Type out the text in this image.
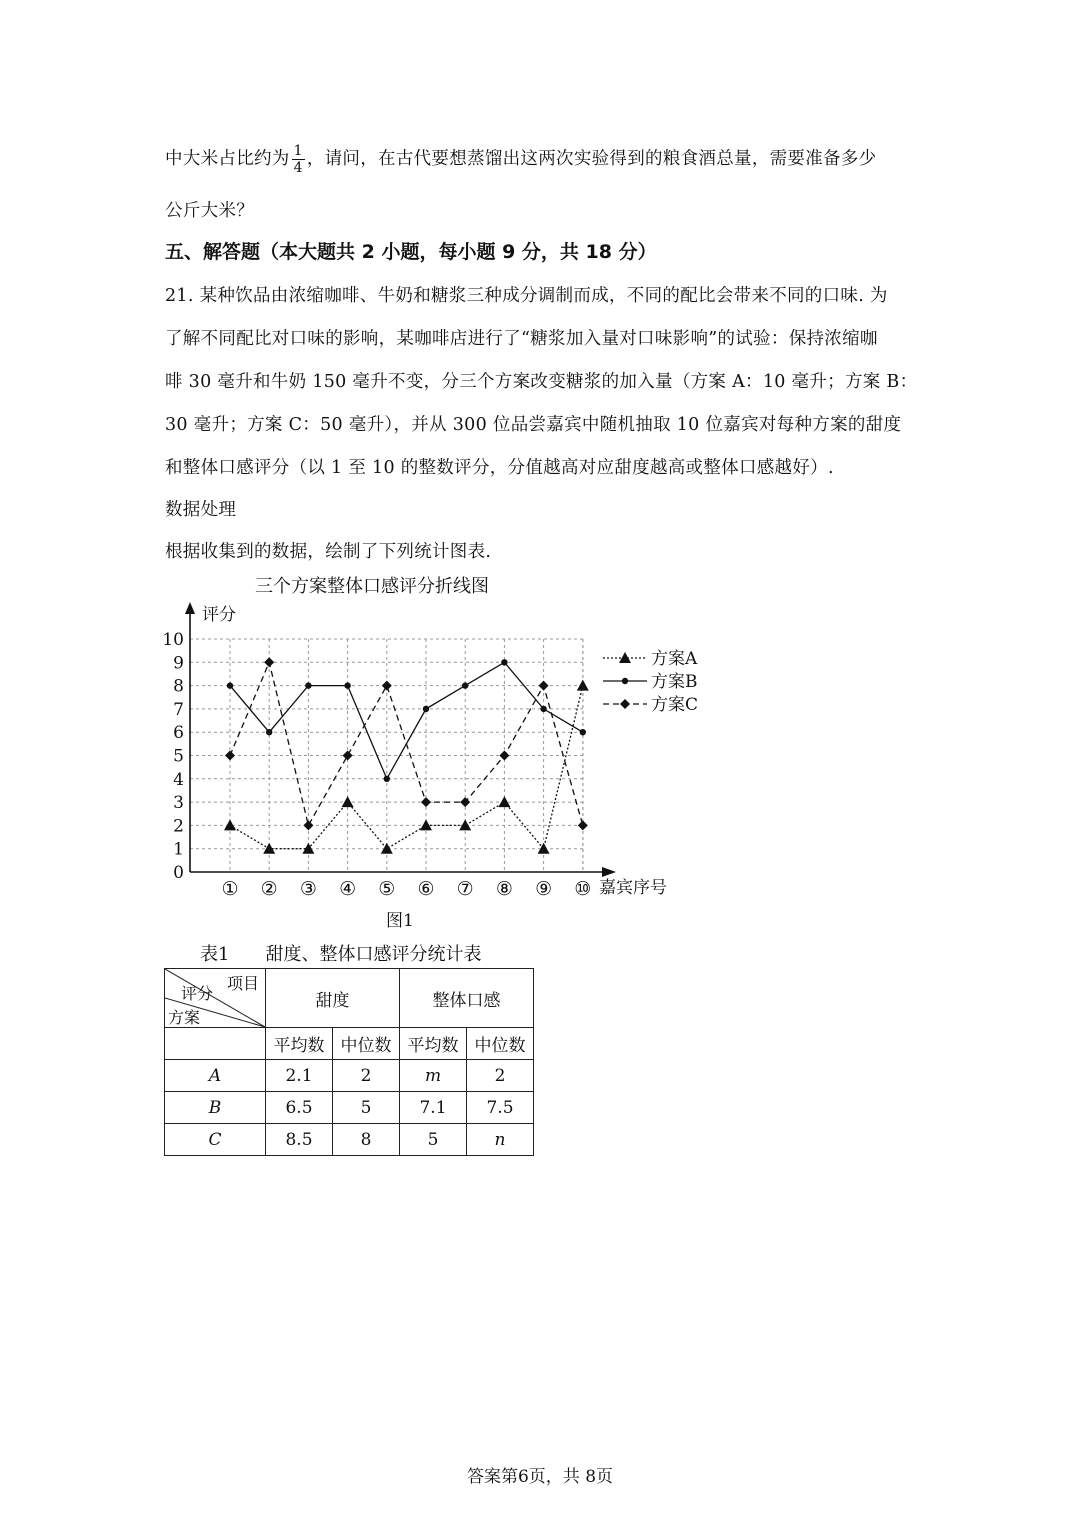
中大米占比约为 $\frac{1}{4}$ ，请问，在古代要想蒸馏出这两次实验得到的粮食酒总量，需要准备多少
公斤大米？
五、解答题（本大题共 2 小题，每小题 9 分，共 18 分）
21. 某种饮品由浓缩咖啡、牛奶和糖浆三种成分调制而成，不同的配比会带来不同的口味. 为
了解不同配比对口味的影响，某咖啡店进行了“糖浆加入量对口味影响”的试验：保持浓缩咖
啡 30 毫升和牛奶 150 毫升不变，分三个方案改变糖浆的加入量（方案 A：10 毫升；方案 B：
30 毫升；方案 C：50 毫升），并从 300 位品尝嘉宾中随机抽取 10 位嘉宾对每种方案的甜度
和整体口感评分（以 1 至 10 的整数评分，分值越高对应甜度越高或整体口感越好）.
数据处理
根据收集到的数据，绘制了下列统计图表.
三个方案整体口感评分折线图
评分
嘉宾序号
图1
0
1
2
3
4
5
6
7
8
9
10
① ② ③ ④ ⑤ ⑥ ⑦ ⑧ ⑨ ⑩
方案A
方案B
方案C
表1　　甜度、整体口感评分统计表
项目
评分
方案	甜度		整体口感	
	平均数	中位数	平均数	中位数
A	2.1	2	m	2
B	6.5	5	7.1	7.5
C	8.5	8	5	n
答案第6页，共 8页
